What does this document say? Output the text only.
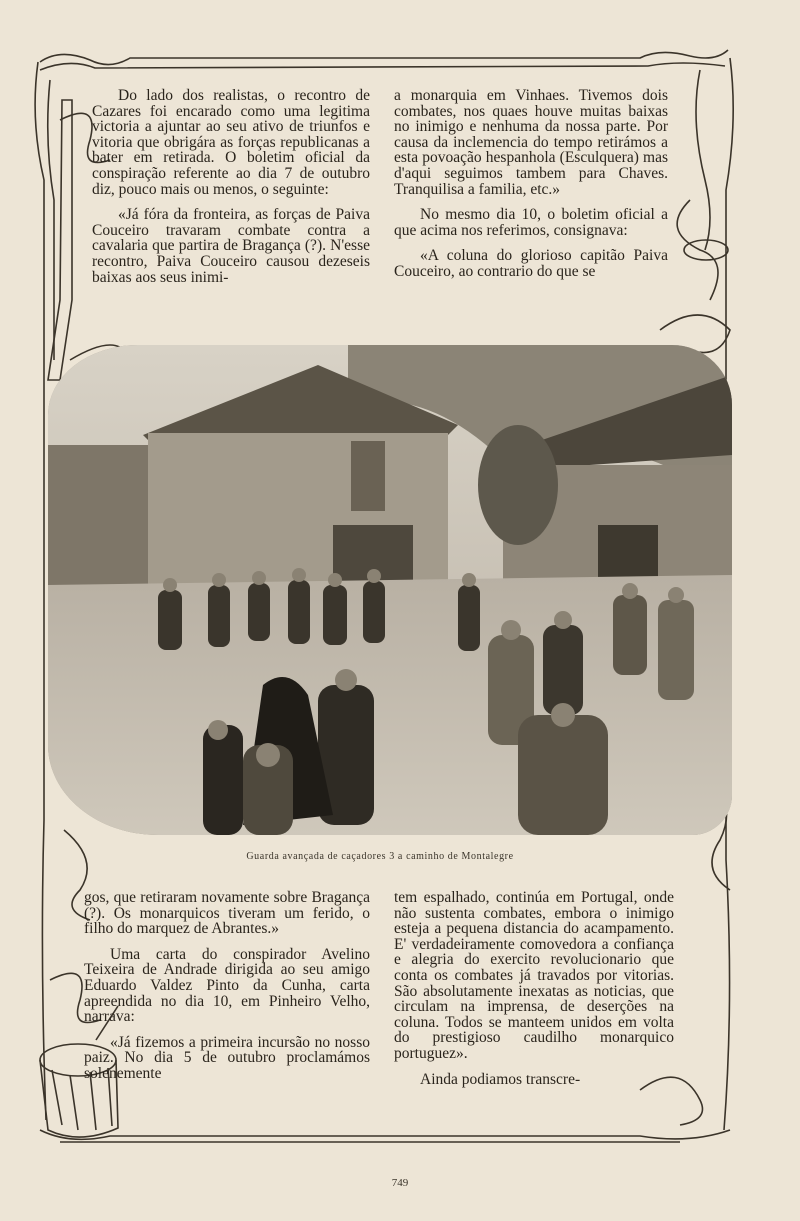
Do lado dos realistas, o recontro de Cazares foi encarado como uma legitima victoria a ajuntar ao seu ativo de triunfos e vitoria que obrigára as forças republicanas a bater em retirada. O boletim oficial da conspiração referente ao dia 7 de outubro diz, pouco mais ou menos, o seguinte:

«Já fóra da fronteira, as forças de Paiva Couceiro travaram combate contra a cavalaria que partira de Bragança (?). N'esse recontro, Paiva Couceiro causou dezeseis baixas aos seus inimi-

a monarquia em Vinhaes. Tivemos dois combates, nos quaes houve muitas baixas no inimigo e nenhuma da nossa parte. Por causa da inclemencia do tempo retirámos a esta povoação hespanhola (Esculquera) mas d'aqui seguimos tambem para Chaves. Tranquilisa a familia, etc.»

No mesmo dia 10, o boletim oficial a que acima nos referimos, consignava:

«A coluna do glorioso capitão Paiva Couceiro, ao contrario do que se

Guarda avançada de caçadores 3 a caminho de Montalegre

gos, que retiraram novamente sobre Bragança (?). Os monarquicos tiveram um ferido, o filho do marquez de Abrantes.»

Uma carta do conspirador Avelino Teixeira de Andrade dirigida ao seu amigo Eduardo Valdez Pinto da Cunha, carta apreendida no dia 10, em Pinheiro Velho, narrava:

«Já fizemos a primeira incursão no nosso paiz. No dia 5 de outubro proclamámos solenemente

tem espalhado, continúa em Portugal, onde não sustenta combates, embora o inimigo esteja a pequena distancia do acampamento. E' verdadeiramente comovedora a confiança e alegria do exercito revolucionario que conta os combates já travados por vitorias. São absolutamente inexatas as noticias, que circulam na imprensa, de deserções na coluna. Todos se manteem unidos em volta do prestigioso caudilho monarquico portuguez».

Ainda podiamos transcre-

749
